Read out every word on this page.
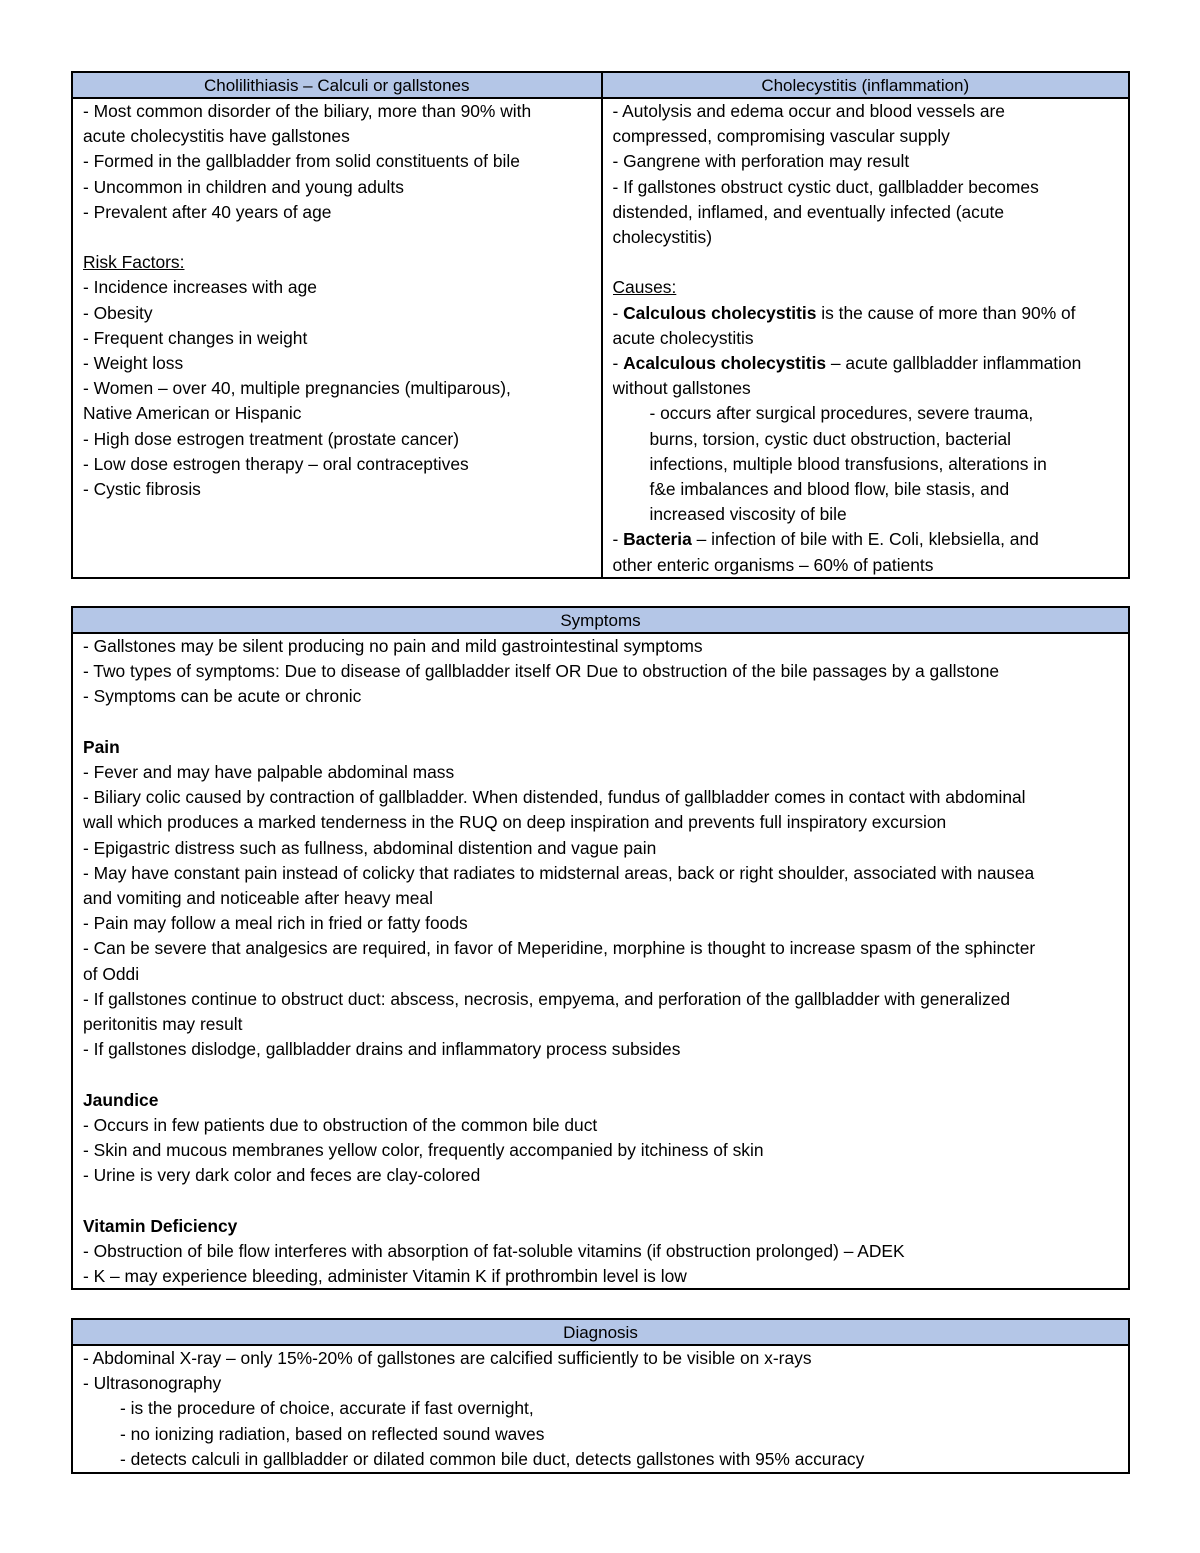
Cholilithiasis – Calculi or gallstones	Cholecystitis (inflammation)
- Most common disorder of the biliary, more than 90% with
acute cholecystitis have gallstones
- Formed in the gallbladder from solid constituents of bile
- Uncommon in children and young adults
- Prevalent after 40 years of age
Risk Factors:
- Incidence increases with age
- Obesity
- Frequent changes in weight
- Weight loss
- Women – over 40, multiple pregnancies (multiparous),
Native American or Hispanic
- High dose estrogen treatment (prostate cancer)
- Low dose estrogen therapy – oral contraceptives
- Cystic fibrosis
- Autolysis and edema occur and blood vessels are
compressed, compromising vascular supply
- Gangrene with perforation may result
- If gallstones obstruct cystic duct, gallbladder becomes
distended, inflamed, and eventually infected (acute
cholecystitis)
Causes:
- Calculous cholecystitis is the cause of more than 90% of
acute cholecystitis
- Acalculous cholecystitis – acute gallbladder inflammation
without gallstones
- occurs after surgical procedures, severe trauma,
burns, torsion, cystic duct obstruction, bacterial
infections, multiple blood transfusions, alterations in
f&e imbalances and blood flow, bile stasis, and
increased viscosity of bile
- Bacteria – infection of bile with E. Coli, klebsiella, and
other enteric organisms – 60% of patients
Symptoms
- Gallstones may be silent producing no pain and mild gastrointestinal symptoms
- Two types of symptoms: Due to disease of gallbladder itself OR Due to obstruction of the bile passages by a gallstone
- Symptoms can be acute or chronic
Pain
- Fever and may have palpable abdominal mass
- Biliary colic caused by contraction of gallbladder. When distended, fundus of gallbladder comes in contact with abdominal
wall which produces a marked tenderness in the RUQ on deep inspiration and prevents full inspiratory excursion
- Epigastric distress such as fullness, abdominal distention and vague pain
- May have constant pain instead of colicky that radiates to midsternal areas, back or right shoulder, associated with nausea
and vomiting and noticeable after heavy meal
- Pain may follow a meal rich in fried or fatty foods
- Can be severe that analgesics are required, in favor of Meperidine, morphine is thought to increase spasm of the sphincter
of Oddi
- If gallstones continue to obstruct duct: abscess, necrosis, empyema, and perforation of the gallbladder with generalized
peritonitis may result
- If gallstones dislodge, gallbladder drains and inflammatory process subsides
Jaundice
- Occurs in few patients due to obstruction of the common bile duct
- Skin and mucous membranes yellow color, frequently accompanied by itchiness of skin
- Urine is very dark color and feces are clay-colored
Vitamin Deficiency
- Obstruction of bile flow interferes with absorption of fat-soluble vitamins (if obstruction prolonged) – ADEK
- K – may experience bleeding, administer Vitamin K if prothrombin level is low
Diagnosis
- Abdominal X-ray – only 15%-20% of gallstones are calcified sufficiently to be visible on x-rays
- Ultrasonography
- is the procedure of choice, accurate if fast overnight,
- no ionizing radiation, based on reflected sound waves
- detects calculi in gallbladder or dilated common bile duct, detects gallstones with 95% accuracy
